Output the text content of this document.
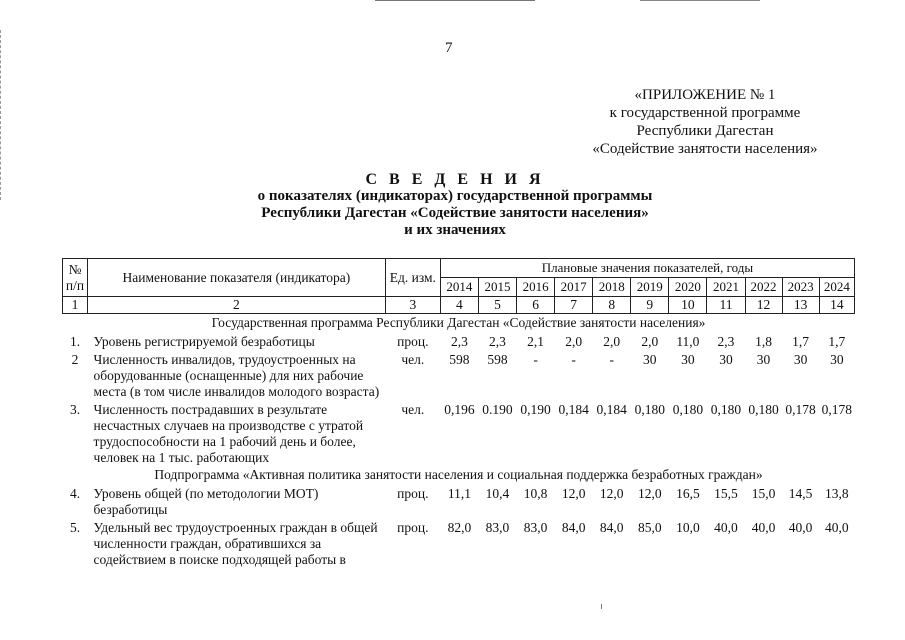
7
«ПРИЛОЖЕНИЕ № 1
к государственной программе
Республики Дагестан
«Содействие занятости населения»
С В Е Д Е Н И Я
о показателях (индикаторах) государственной программы
Республики Дагестан «Содействие занятости населения»
и их значениях
№ п/п	Наименование показателя (индикатора)	Ед. изм.	Плановые значения показателей, годы										
			2014	2015	2016	2017	2018	2019	2020	2021	2022	2023	2024
1	2	3	4	5	6	7	8	9	10	11	12	13	14
Государственная программа Республики Дагестан «Содействие занятости населения»													
1.	Уровень регистрируемой безработицы	проц.	2,3	2,3	2,1	2,0	2,0	2,0	11,0	2,3	1,8	1,7	1,7
2	Численность инвалидов, трудоустроенных на оборудованные (оснащенные) для них рабочие места (в том числе инвалидов молодого возраста)	чел.	598	598	-	-	-	30	30	30	30	30	30
3.	Численность пострадавших в результате несчастных случаев на производстве с утратой трудоспособности на 1 рабочий день и более, человек на 1 тыс. работающих	чел.	0,196	0.190	0,190	0,184	0,184	0,180	0,180	0,180	0,180	0,178	0,178
Подпрограмма «Активная политика занятости населения и социальная поддержка безработных граждан»													
4.	Уровень общей (по методологии МОТ) безработицы	проц.	11,1	10,4	10,8	12,0	12,0	12,0	16,5	15,5	15,0	14,5	13,8
5.	Удельный вес трудоустроенных граждан в общей численности граждан, обратившихся за содействием в поиске подходящей работы в	проц.	82,0	83,0	83,0	84,0	84,0	85,0	10,0	40,0	40,0	40,0	40,0
